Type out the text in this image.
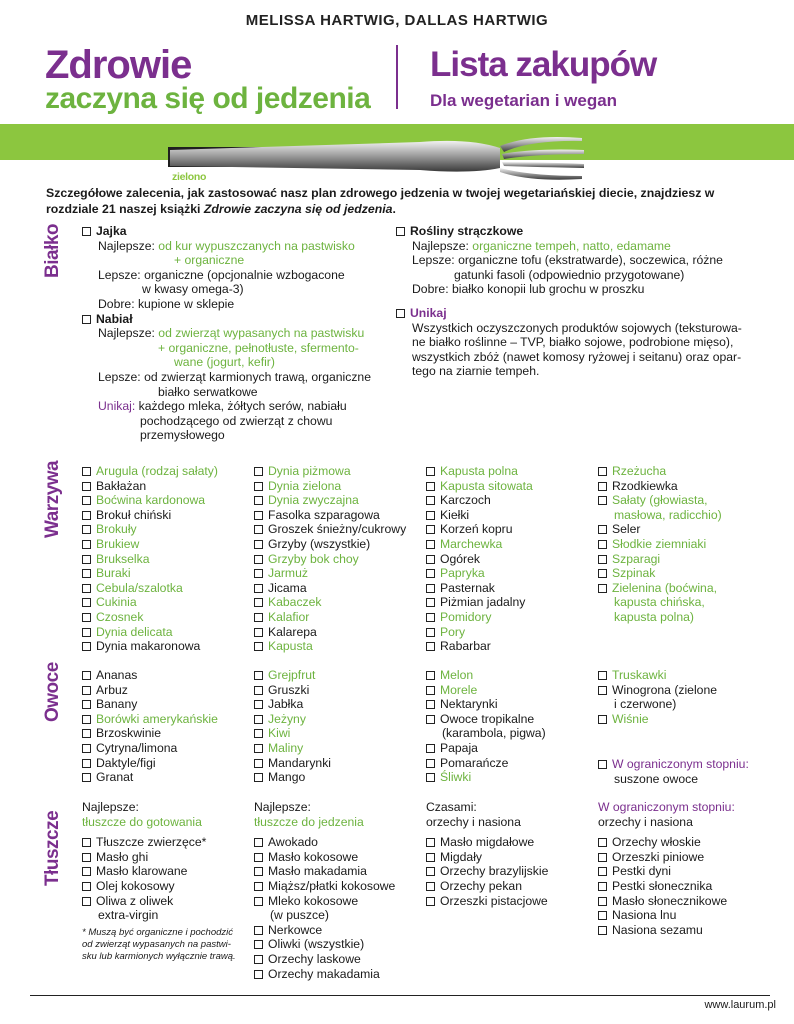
MELISSA HARTWIG, DALLAS HARTWIG
Zdrowie
zaczyna się od jedzenia
Lista zakupów
Dla wegetarian i wegan
zielono
Szczegółowe zalecenia, jak zastosować nasz plan zdrowego jedzenia w twojej wegetariańskiej diecie, znajdziesz w rozdziale 21 naszej książki Zdrowie zaczyna się od jedzenia.
Białko	Jajka
Najlepsze: od kur wypuszczanych na pastwisko
+ organiczne
Lepsze: organiczne (opcjonalnie wzbogacone
w kwasy omega-3)
Dobre: kupione w sklepie
Nabiał
Najlepsze: od zwierząt wypasanych na pastwisku
+ organiczne, pełnotłuste, sfermento-
wane (jogurt, kefir)
Lepsze: od zwierząt karmionych trawą, organiczne
białko serwatkowe
Unikaj: każdego mleka, żółtych serów, nabiału
pochodzącego od zwierząt z chowu
przemysłowego
Rośliny strączkowe
Najlepsze: organiczne tempeh, natto, edamame
Lepsze: organiczne tofu (ekstratwarde), soczewica, różne
gatunki fasoli (odpowiednio przygotowane)
Dobre: białko konopii lub grochu w proszku
Unikaj
Wszystkich oczyszczonych produktów sojowych (teksturowa-
ne białko roślinne – TVP, białko sojowe, podrobione mięso),
wszystkich zbóż (nawet komosy ryżowej i seitanu) oraz opar-
tego na ziarnie tempeh.
Warzywa	Arugula (rodzaj sałaty)
Bakłażan
Boćwina kardonowa
Brokuł chiński
Brokuły
Brukiew
Brukselka
Buraki
Cebula/szalotka
Cukinia
Czosnek
Dynia delicata
Dynia makaronowa
Dynia piżmowa
Dynia zielona
Dynia zwyczajna
Fasolka szparagowa
Groszek śnieżny/cukrowy
Grzyby (wszystkie)
Grzyby bok choy
Jarmuż
Jicama
Kabaczek
Kalafior
Kalarepa
Kapusta
Kapusta polna
Kapusta sitowata
Karczoch
Kiełki
Korzeń kopru
Marchewka
Ogórek
Papryka
Pasternak
Piżmian jadalny
Pomidory
Pory
Rabarbar
Rzeżucha
Rzodkiewka
Sałaty (głowiasta,
masłowa, radicchio)
Seler
Słodkie ziemniaki
Szparagi
Szpinak
Zielenina (boćwina,
kapusta chińska,
kapusta polna)
Owoce	Ananas
Arbuz
Banany
Borówki amerykańskie
Brzoskwinie
Cytryna/limona
Daktyle/figi
Granat
Grejpfrut
Gruszki
Jabłka
Jeżyny
Kiwi
Maliny
Mandarynki
Mango
Melon
Morele
Nektarynki
Owoce tropikalne
(karambola, pigwa)
Papaja
Pomarańcze
Śliwki
Truskawki
Winogrona (zielone
i czerwone)
Wiśnie
W ograniczonym stopniu:
suszone owoce
Tłuszcze
Najlepsze:
tłuszcze do gotowania
Tłuszcze zwierzęce*
Masło ghi
Masło klarowane
Olej kokosowy
Oliwa z oliwek
extra-virgin
* Muszą być organiczne i pochodzić
od zwierząt wypasanych na pastwi-
sku lub karmionych wyłącznie trawą.
Najlepsze:
tłuszcze do jedzenia
Awokado
Masło kokosowe
Masło makadamia
Miąższ/płatki kokosowe
Mleko kokosowe
(w puszce)
Nerkowce
Oliwki (wszystkie)
Orzechy laskowe
Orzechy makadamia
Czasami:
orzechy i nasiona
Masło migdałowe
Migdały
Orzechy brazylijskie
Orzechy pekan
Orzeszki pistacjowe
W ograniczonym stopniu:
orzechy i nasiona
Orzechy włoskie
Orzeszki piniowe
Pestki dyni
Pestki słonecznika
Masło słonecznikowe
Nasiona lnu
Nasiona sezamu
www.laurum.pl
